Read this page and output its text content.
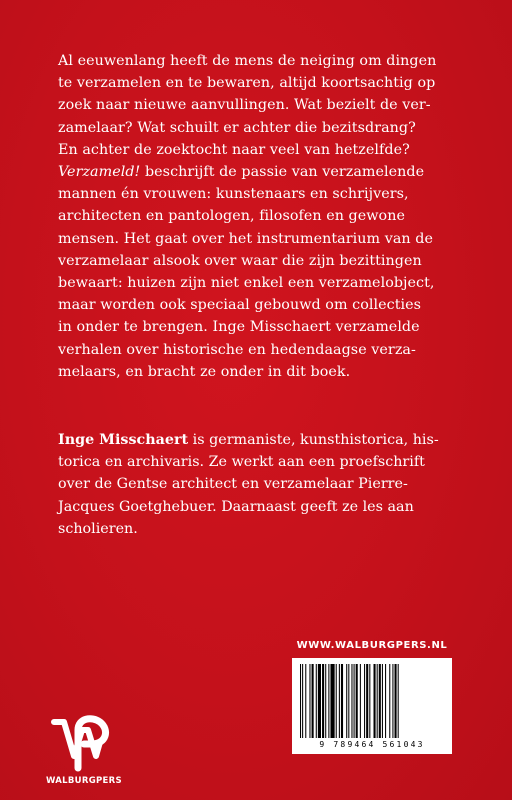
Al eeuwenlang heeft de mens de neiging om dingen
te verzamelen en te bewaren, altijd koortsachtig op
zoek naar nieuwe aanvullingen. Wat bezielt de ver-
zamelaar? Wat schuilt er achter die bezitsdrang?
En achter de zoektocht naar veel van hetzelfde?
Verzameld! beschrijft de passie van verzamelende
mannen én vrouwen: kunstenaars en schrijvers,
architecten en pantologen, filosofen en gewone
mensen. Het gaat over het instrumentarium van de
verzamelaar alsook over waar die zijn bezittingen
bewaart: huizen zijn niet enkel een verzamelobject,
maar worden ook speciaal gebouwd om collecties
in onder te brengen. Inge Misschaert verzamelde
verhalen over historische en hedendaagse verza-
melaars, en bracht ze onder in dit boek.
Inge Misschaert is germaniste, kunsthistorica, his-
torica en archivaris. Ze werkt aan een proefschrift
over de Gentse architect en verzamelaar Pierre-
Jacques Goetghebuer. Daarnaast geeft ze les aan
scholieren.
WWW.WALBURGPERS.NL
9 789464 561043
WALBURGPERS
